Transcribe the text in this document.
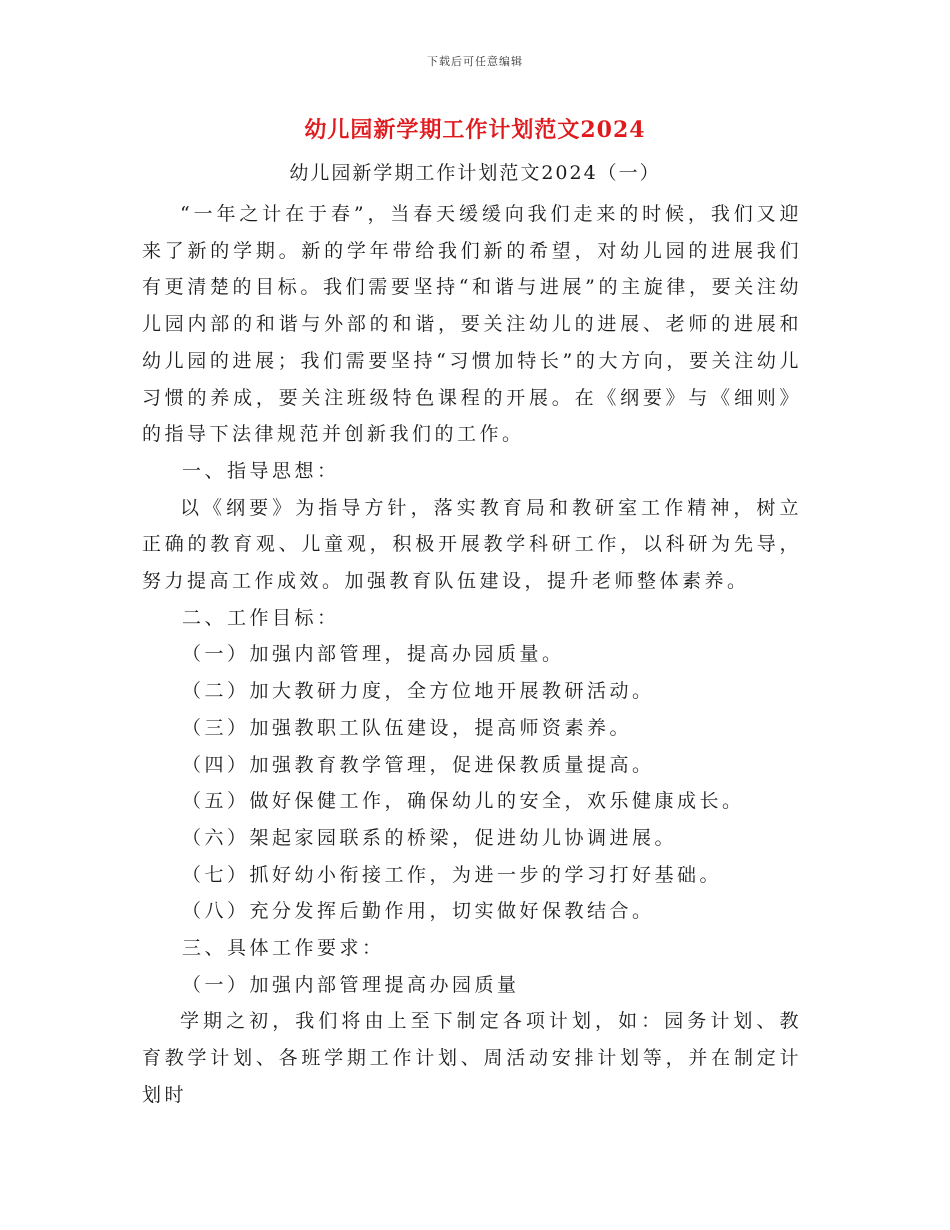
下载后可任意编辑
幼儿园新学期工作计划范文2024
幼儿园新学期工作计划范文2024（一）

“一年之计在于春”，当春天缓缓向我们走来的时候，我们又迎来了新的学期。新的学年带给我们新的希望，对幼儿园的进展我们有更清楚的目标。我们需要坚持“和谐与进展”的主旋律，要关注幼儿园内部的和谐与外部的和谐，要关注幼儿的进展、老师的进展和幼儿园的进展；我们需要坚持“习惯加特长”的大方向，要关注幼儿习惯的养成，要关注班级特色课程的开展。在《纲要》与《细则》的指导下法律规范并创新我们的工作。

一、指导思想：

以《纲要》为指导方针，落实教育局和教研室工作精神，树立正确的教育观、儿童观，积极开展教学科研工作，以科研为先导，努力提高工作成效。加强教育队伍建设，提升老师整体素养。

二、工作目标：

（一）加强内部管理，提高办园质量。

（二）加大教研力度，全方位地开展教研活动。

（三）加强教职工队伍建设，提高师资素养。

（四）加强教育教学管理，促进保教质量提高。

（五）做好保健工作，确保幼儿的安全，欢乐健康成长。

（六）架起家园联系的桥梁，促进幼儿协调进展。

（七）抓好幼小衔接工作，为进一步的学习打好基础。

（八）充分发挥后勤作用，切实做好保教结合。

三、具体工作要求：

（一）加强内部管理提高办园质量

学期之初，我们将由上至下制定各项计划，如：园务计划、教育教学计划、各班学期工作计划、周活动安排计划等，并在制定计划时
